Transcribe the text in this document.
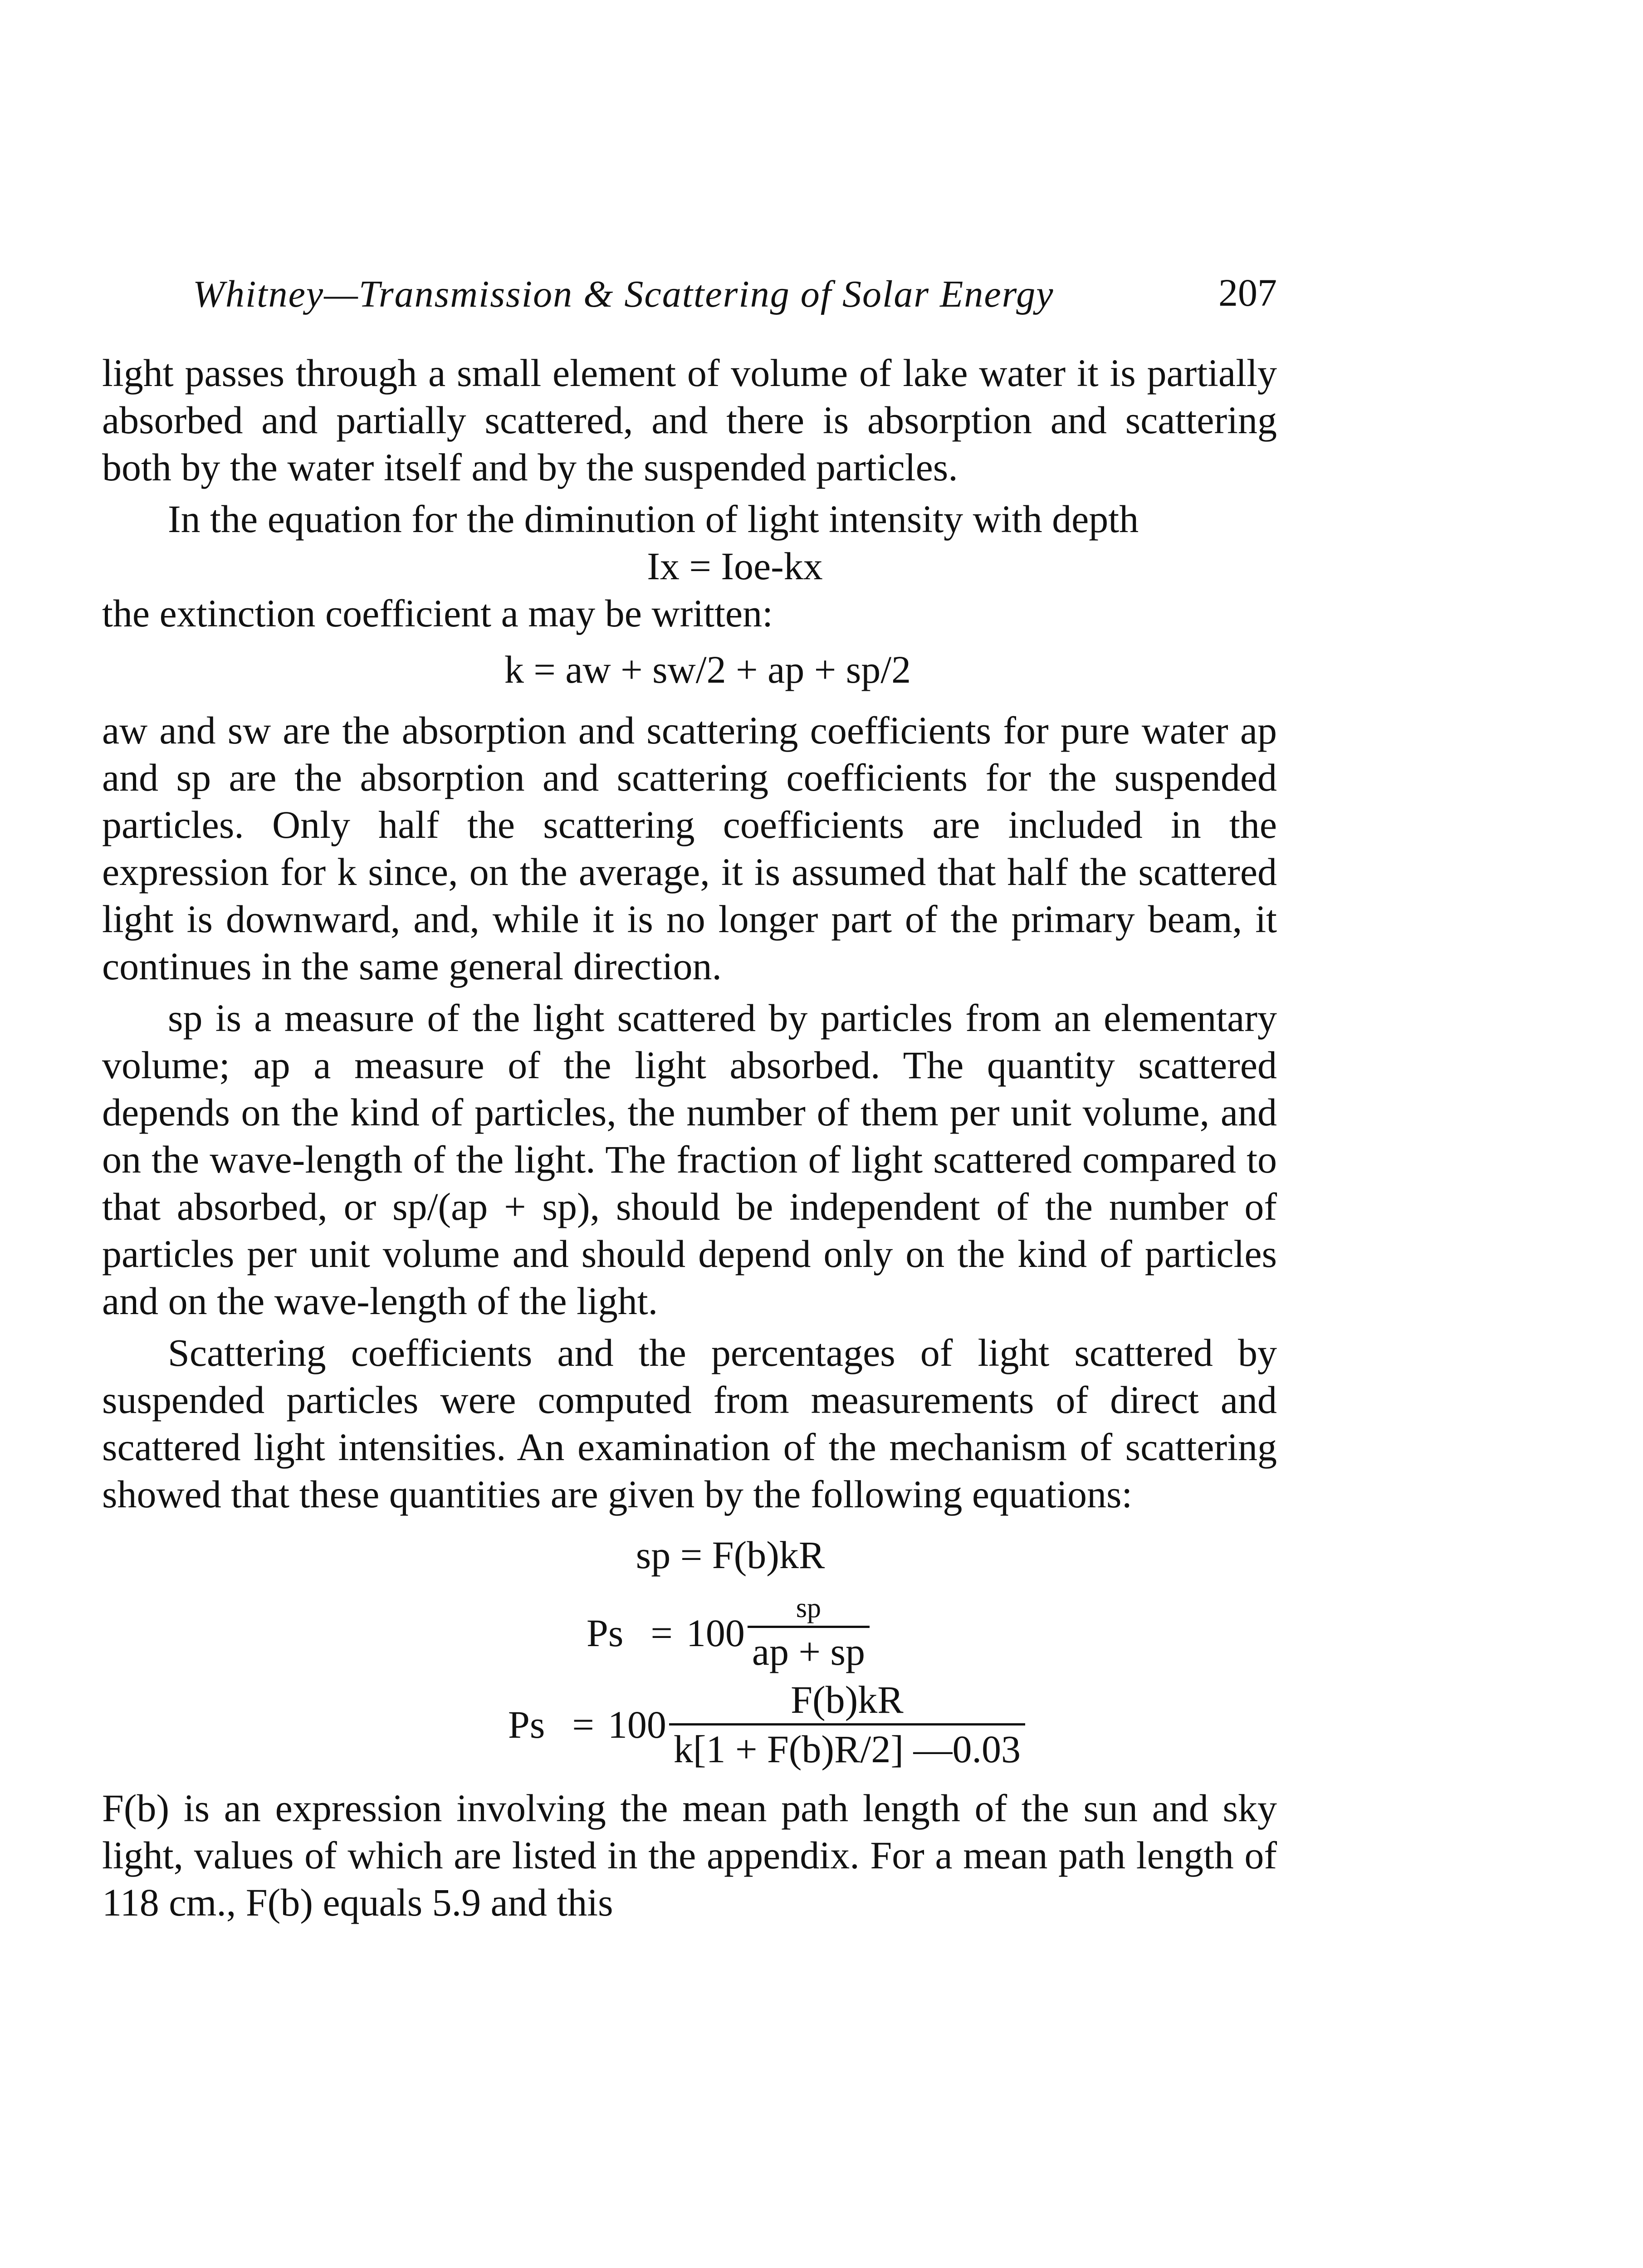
Whitney—Transmission & Scattering of Solar Energy	207

light passes through a small element of volume of lake water it is partially absorbed and partially scattered, and there is absorption and scattering both by the water itself and by the suspended particles.

In the equation for the diminution of light intensity with depth

Ix = Ioe-kx

the extinction coefficient a may be written:

k = aw + sw/2 + ap + sp/2

aw and sw are the absorption and scattering coefficients for pure water ap and sp are the absorption and scattering coefficients for the suspended particles. Only half the scattering coefficients are included in the expression for k since, on the average, it is assumed that half the scattered light is downward, and, while it is no longer part of the primary beam, it continues in the same general direction.

sp is a measure of the light scattered by particles from an elementary volume; ap a measure of the light absorbed. The quantity scattered depends on the kind of particles, the number of them per unit volume, and on the wave-length of the light. The fraction of light scattered compared to that absorbed, or sp/(ap + sp), should be independent of the number of particles per unit volume and should depend only on the kind of particles and on the wave-length of the light.

Scattering coefficients and the percentages of light scattered by suspended particles were computed from measurements of direct and scattered light intensities. An examination of the mechanism of scattering showed that these quantities are given by the following equations:

sp = F(b)kR
$Ps = 100 \frac{sp}{ap + sp}$
$Ps = 100 \frac{F(b)kR}{k[1 + F(b)R/2] —0.03}$

F(b) is an expression involving the mean path length of the sun and sky light, values of which are listed in the appendix. For a mean path length of 118 cm., F(b) equals 5.9 and this
